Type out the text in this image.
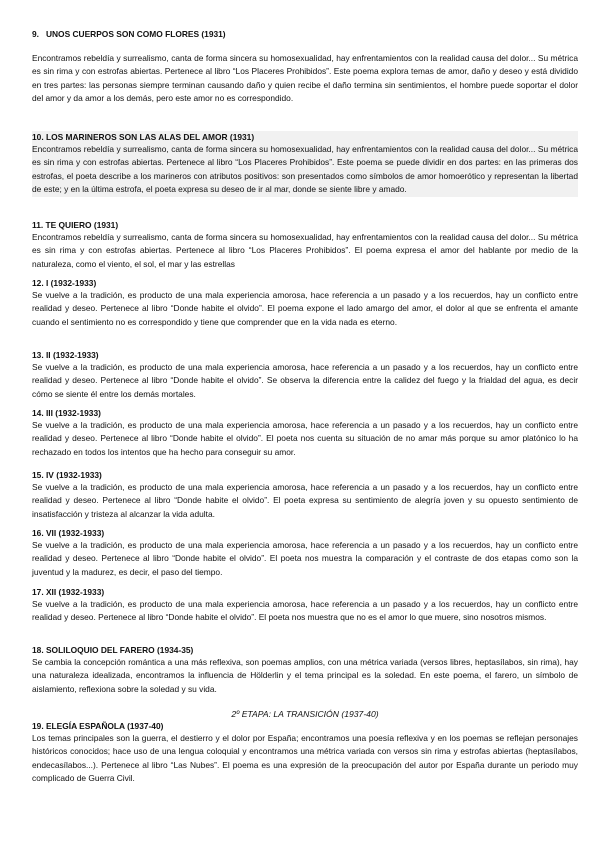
9.   UNOS CUERPOS SON COMO FLORES (1931)
Encontramos rebeldía y surrealismo, canta de forma sincera su homosexualidad, hay enfrentamientos con la realidad causa del dolor... Su métrica es sin rima y con estrofas abiertas. Pertenece al libro “Los Placeres Prohibidos”. Este poema explora temas de amor, daño y deseo y está dividido en tres partes: las personas siempre terminan causando daño y quien recibe el daño termina sin sentimientos, el hombre puede soportar el dolor del amor y da amor a los demás, pero este amor no es correspondido.
10. LOS MARINEROS SON LAS ALAS DEL AMOR (1931)
Encontramos rebeldía y surrealismo, canta de forma sincera su homosexualidad, hay enfrentamientos con la realidad causa del dolor... Su métrica es sin rima y con estrofas abiertas. Pertenece al libro “Los Placeres Prohibidos”. Este poema se puede dividir en dos partes: en las primeras dos estrofas, el poeta describe a los marineros con atributos positivos: son presentados como símbolos de amor homoerótico y representan la libertad de este; y en la última estrofa, el poeta expresa su deseo de ir al mar, donde se siente libre y amado.
11. TE QUIERO (1931)
Encontramos rebeldía y surrealismo, canta de forma sincera su homosexualidad, hay enfrentamientos con la realidad causa del dolor... Su métrica es sin rima y con estrofas abiertas. Pertenece al libro “Los Placeres Prohibidos”. El poema expresa el amor del hablante por medio de la naturaleza, como el viento, el sol, el mar y las estrellas
12. I (1932-1933)
Se vuelve a la tradición, es producto de una mala experiencia amorosa, hace referencia a un pasado y a los recuerdos, hay un conflicto entre realidad y deseo. Pertenece al libro “Donde habite el olvido”. El poema expone el lado amargo del amor, el dolor al que se enfrenta el amante cuando el sentimiento no es correspondido y tiene que comprender que en la vida nada es eterno.
13. II (1932-1933)
Se vuelve a la tradición, es producto de una mala experiencia amorosa, hace referencia a un pasado y a los recuerdos, hay un conflicto entre realidad y deseo. Pertenece al libro “Donde habite el olvido”. Se observa la diferencia entre la calidez del fuego y la frialdad del agua, es decir cómo se siente él entre los demás mortales.
14. III (1932-1933)
Se vuelve a la tradición, es producto de una mala experiencia amorosa, hace referencia a un pasado y a los recuerdos, hay un conflicto entre realidad y deseo. Pertenece al libro “Donde habite el olvido”. El poeta nos cuenta su situación de no amar más porque su amor platónico lo ha rechazado en todos los intentos que ha hecho para conseguir su amor.
15. IV (1932-1933)
Se vuelve a la tradición, es producto de una mala experiencia amorosa, hace referencia a un pasado y a los recuerdos, hay un conflicto entre realidad y deseo. Pertenece al libro “Donde habite el olvido”. El poeta expresa su sentimiento de alegría joven y su opuesto sentimiento de insatisfacción y tristeza al alcanzar la vida adulta.
16. VII (1932-1933)
Se vuelve a la tradición, es producto de una mala experiencia amorosa, hace referencia a un pasado y a los recuerdos, hay un conflicto entre realidad y deseo. Pertenece al libro “Donde habite el olvido”. El poeta nos muestra la comparación y el contraste de dos etapas como son la juventud y la madurez, es decir, el paso del tiempo.
17. XII (1932-1933)
Se vuelve a la tradición, es producto de una mala experiencia amorosa, hace referencia a un pasado y a los recuerdos, hay un conflicto entre realidad y deseo. Pertenece al libro “Donde habite el olvido”. El poeta nos muestra que no es el amor lo que muere, sino nosotros mismos.
18. SOLILOQUIO DEL FARERO (1934-35)
Se cambia la concepción romántica a una más reflexiva, son poemas amplios, con una métrica variada (versos libres, heptasílabos, sin rima), hay una naturaleza idealizada, encontramos la influencia de Hölderlin y el tema principal es la soledad. En este poema, el farero, un símbolo de aislamiento, reflexiona sobre la soledad y su vida.
2º ETAPA: LA TRANSICIÓN (1937-40)
19. ELEGÍA ESPAÑOLA (1937-40)
Los temas principales son la guerra, el destierro y el dolor por España; encontramos una poesía reflexiva y en los poemas se reflejan personajes históricos conocidos; hace uso de una lengua coloquial y encontramos una métrica variada con versos sin rima y estrofas abiertas (heptasílabos, endecasílabos...). Pertenece al libro “Las Nubes”. El poema es una expresión de la preocupación del autor por España durante un periodo muy complicado de Guerra Civil.
